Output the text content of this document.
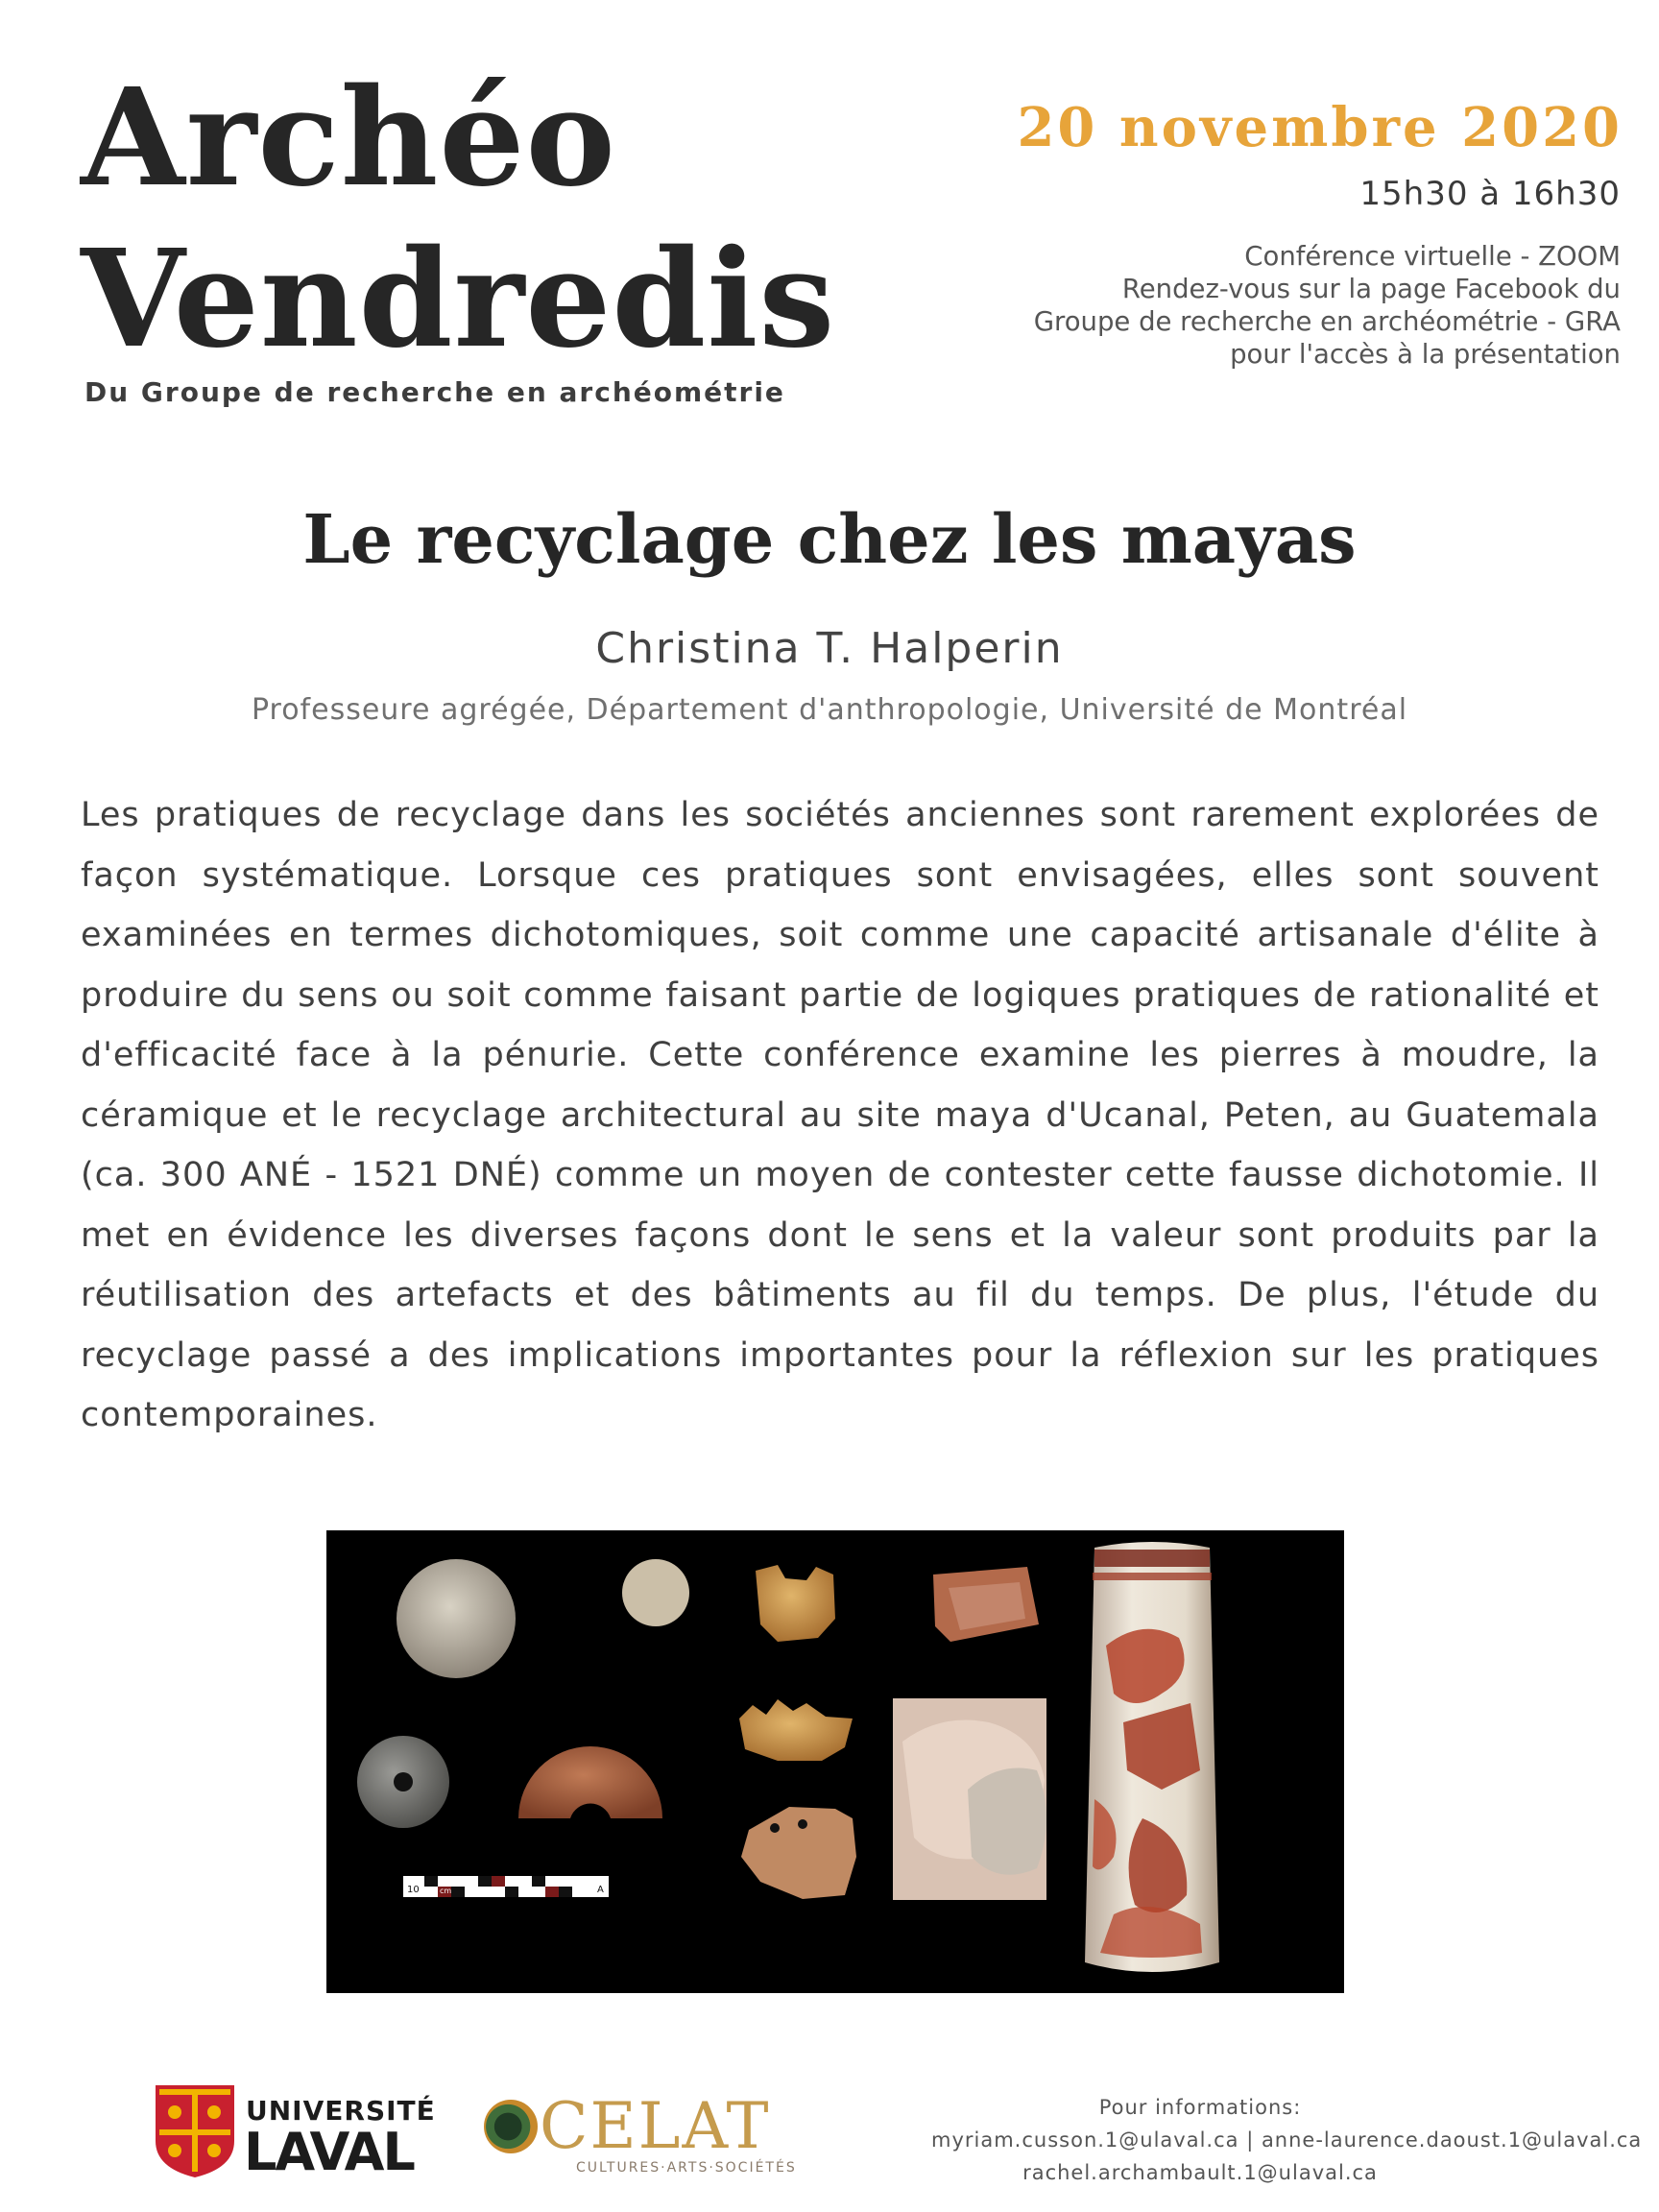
Archéo
Vendredis
Du Groupe de recherche en archéométrie
20 novembre 2020
15h30 à 16h30
Conférence virtuelle - ZOOM
Rendez-vous sur la page Facebook du
Groupe de recherche en archéométrie - GRA
pour l'accès à la présentation
Le recyclage chez les mayas
Christina T. Halperin
Professeure agrégée, Département d'anthropologie, Université de Montréal

Les pratiques de recyclage dans les sociétés anciennes sont rarement explorées de façon systématique. Lorsque ces pratiques sont envisagées, elles sont souvent examinées en termes dichotomiques, soit comme une capacité artisanale d'élite à produire du sens ou soit comme faisant partie de logiques pratiques de rationalité et d'efficacité face à la pénurie. Cette conférence examine les pierres à moudre, la céramique et le recyclage architectural au site maya d'Ucanal, Peten, au Guatemala (ca. 300 ANÉ - 1521 DNÉ) comme un moyen de contester cette fausse dichotomie. Il met en évidence les diverses façons dont le sens et la valeur sont produits par la réutilisation des artefacts et des bâtiments au fil du temps. De plus, l'étude du recyclage passé a des implications importantes pour la réflexion sur les pratiques contemporaines.

10	cm	A
UNIVERSITÉ
LAVAL	CELAT
CULTURES·ARTS·SOCIÉTÉS
Pour informations:
myriam.cusson.1@ulaval.ca | anne-laurence.daoust.1@ulaval.ca
rachel.archambault.1@ulaval.ca
